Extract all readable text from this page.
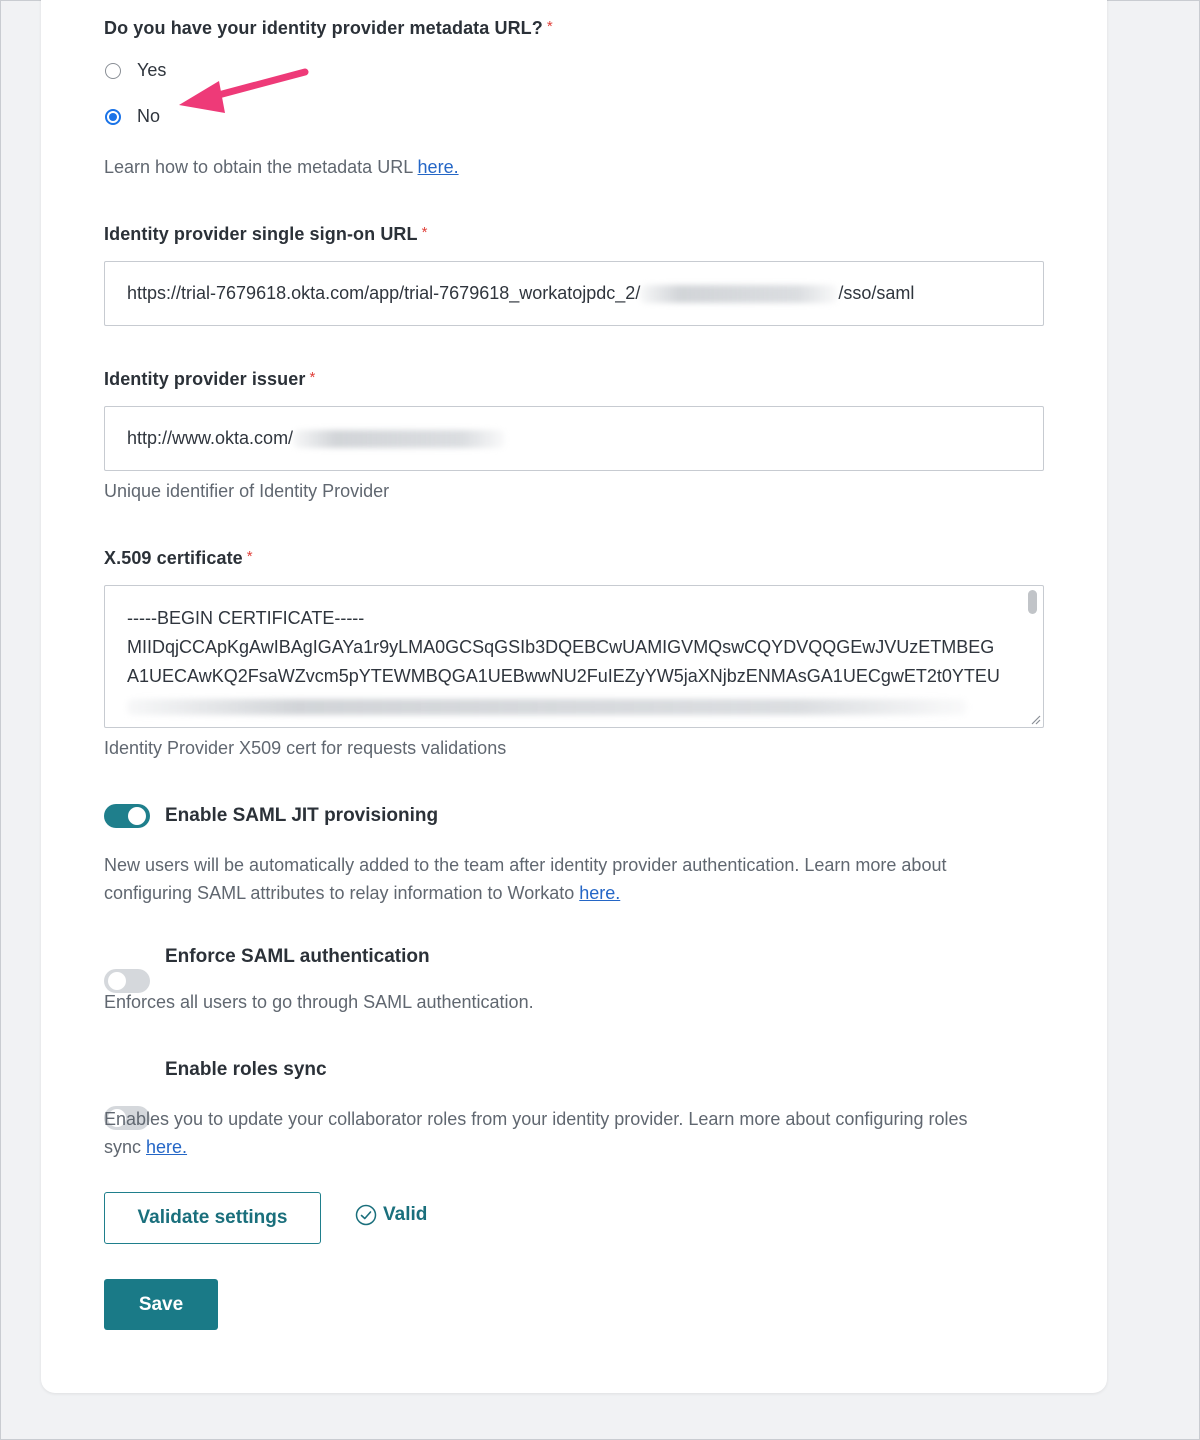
Do you have your identity provider metadata URL? *
Yes
No
Learn how to obtain the metadata URL here.
Identity provider single sign-on URL *
https://trial-7679618.okta.com/app/trial-7679618_workatojpdc_2/	/sso/saml
Identity provider issuer *
http://www.okta.com/
Unique identifier of Identity Provider
X.509 certificate *
-----BEGIN CERTIFICATE-----
MIIDqjCCApKgAwIBAgIGAYa1r9yLMA0GCSqGSIb3DQEBCwUAMIGVMQswCQYDVQQGEwJVUzETMBEG
A1UECAwKQ2FsaWZvcm5pYTEWMBQGA1UEBwwNU2FuIEZyYW5jaXNjbzENMAsGA1UECgwET2t0YTEU
Identity Provider X509 cert for requests validations
Enable SAML JIT provisioning
New users will be automatically added to the team after identity provider authentication. Learn more about
configuring SAML attributes to relay information to Workato here.
Enforce SAML authentication
Enforces all users to go through SAML authentication.
Enable roles sync
Enables you to update your collaborator roles from your identity provider. Learn more about configuring roles
sync here.
Validate settings	Valid
Save
